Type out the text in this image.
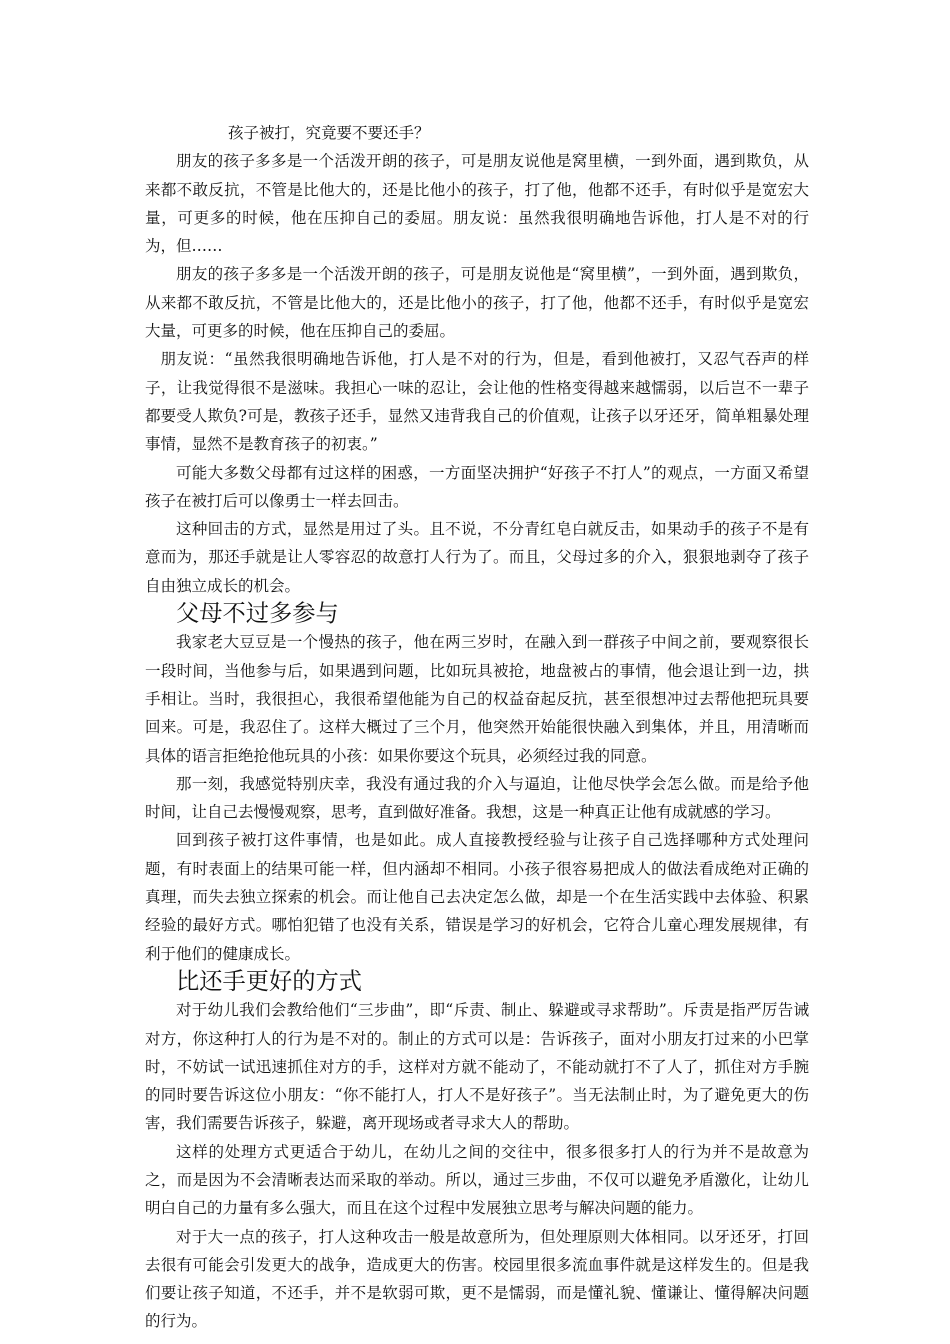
孩子被打，究竟要不要还手？

朋友的孩子多多是一个活泼开朗的孩子，可是朋友说他是窝里横，一到外面，遇到欺负，从来都不敢反抗，不管是比他大的，还是比他小的孩子，打了他，他都不还手，有时似乎是宽宏大量，可更多的时候，他在压抑自己的委屈。朋友说：虽然我很明确地告诉他，打人是不对的行为，但……

朋友的孩子多多是一个活泼开朗的孩子，可是朋友说他是“窝里横”，一到外面，遇到欺负，从来都不敢反抗，不管是比他大的，还是比他小的孩子，打了他，他都不还手，有时似乎是宽宏大量，可更多的时候，他在压抑自己的委屈。

朋友说：“虽然我很明确地告诉他，打人是不对的行为，但是，看到他被打，又忍气吞声的样子，让我觉得很不是滋味。我担心一味的忍让，会让他的性格变得越来越懦弱，以后岂不一辈子都要受人欺负?可是，教孩子还手，显然又违背我自己的价值观，让孩子以牙还牙，简单粗暴处理事情，显然不是教育孩子的初衷。”

可能大多数父母都有过这样的困惑，一方面坚决拥护“好孩子不打人”的观点，一方面又希望孩子在被打后可以像勇士一样去回击。

这种回击的方式，显然是用过了头。且不说，不分青红皂白就反击，如果动手的孩子不是有意而为，那还手就是让人零容忍的故意打人行为了。而且，父母过多的介入，狠狠地剥夺了孩子自由独立成长的机会。

父母不过多参与

我家老大豆豆是一个慢热的孩子，他在两三岁时，在融入到一群孩子中间之前，要观察很长一段时间，当他参与后，如果遇到问题，比如玩具被抢，地盘被占的事情，他会退让到一边，拱手相让。当时，我很担心，我很希望他能为自己的权益奋起反抗，甚至很想冲过去帮他把玩具要回来。可是，我忍住了。这样大概过了三个月，他突然开始能很快融入到集体，并且，用清晰而具体的语言拒绝抢他玩具的小孩：如果你要这个玩具，必须经过我的同意。

那一刻，我感觉特别庆幸，我没有通过我的介入与逼迫，让他尽快学会怎么做。而是给予他时间，让自己去慢慢观察，思考，直到做好准备。我想，这是一种真正让他有成就感的学习。

回到孩子被打这件事情，也是如此。成人直接教授经验与让孩子自己选择哪种方式处理问题，有时表面上的结果可能一样，但内涵却不相同。小孩子很容易把成人的做法看成绝对正确的真理，而失去独立探索的机会。而让他自己去决定怎么做，却是一个在生活实践中去体验、积累经验的最好方式。哪怕犯错了也没有关系，错误是学习的好机会，它符合儿童心理发展规律，有利于他们的健康成长。

比还手更好的方式

对于幼儿我们会教给他们“三步曲”，即“斥责、制止、躲避或寻求帮助”。斥责是指严厉告诫对方，你这种打人的行为是不对的。制止的方式可以是：告诉孩子，面对小朋友打过来的小巴掌时，不妨试一试迅速抓住对方的手，这样对方就不能动了，不能动就打不了人了，抓住对方手腕的同时要告诉这位小朋友：“你不能打人，打人不是好孩子”。当无法制止时，为了避免更大的伤害，我们需要告诉孩子，躲避，离开现场或者寻求大人的帮助。

这样的处理方式更适合于幼儿，在幼儿之间的交往中，很多很多打人的行为并不是故意为之，而是因为不会清晰表达而采取的举动。所以，通过三步曲，不仅可以避免矛盾激化，让幼儿明白自己的力量有多么强大，而且在这个过程中发展独立思考与解决问题的能力。

对于大一点的孩子，打人这种攻击一般是故意所为，但处理原则大体相同。以牙还牙，打回去很有可能会引发更大的战争，造成更大的伤害。校园里很多流血事件就是这样发生的。但是我们要让孩子知道，不还手，并不是软弱可欺，更不是懦弱，而是懂礼貌、懂谦让、懂得解决问题的行为。
